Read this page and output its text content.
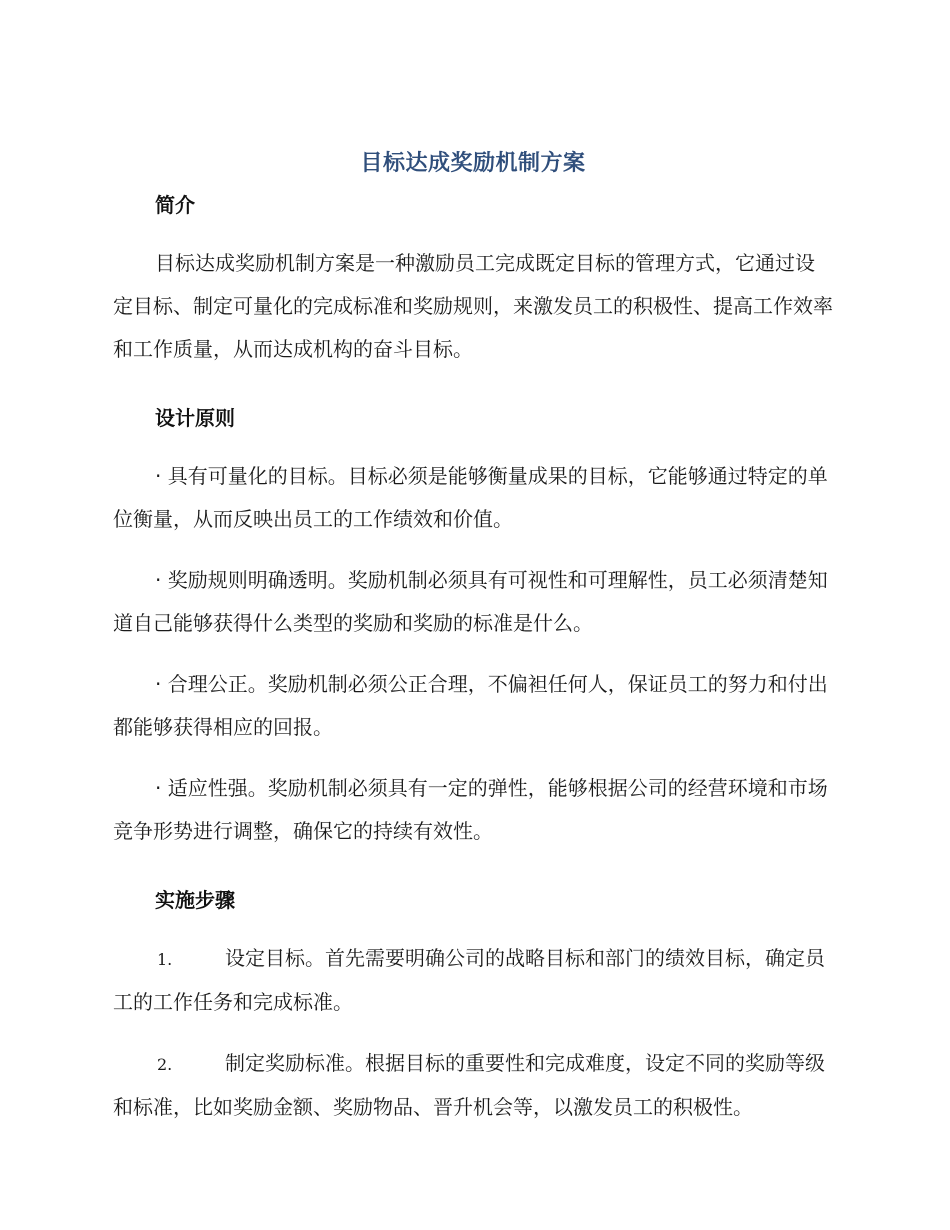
目标达成奖励机制方案
简介

目标达成奖励机制方案是一种激励员工完成既定目标的管理方式，它通过设定目标、制定可量化的完成标准和奖励规则，来激发员工的积极性、提高工作效率和工作质量，从而达成机构的奋斗目标。

设计原则

· 具有可量化的目标。目标必须是能够衡量成果的目标，它能够通过特定的单位衡量，从而反映出员工的工作绩效和价值。

· 奖励规则明确透明。奖励机制必须具有可视性和可理解性，员工必须清楚知道自己能够获得什么类型的奖励和奖励的标准是什么。

· 合理公正。奖励机制必须公正合理，不偏袒任何人，保证员工的努力和付出都能够获得相应的回报。

· 适应性强。奖励机制必须具有一定的弹性，能够根据公司的经营环境和市场竞争形势进行调整，确保它的持续有效性。

实施步骤

1.	设定目标。首先需要明确公司的战略目标和部门的绩效目标，确定员工的工作任务和完成标准。

2.	制定奖励标准。根据目标的重要性和完成难度，设定不同的奖励等级和标准，比如奖励金额、奖励物品、晋升机会等，以激发员工的积极性。
